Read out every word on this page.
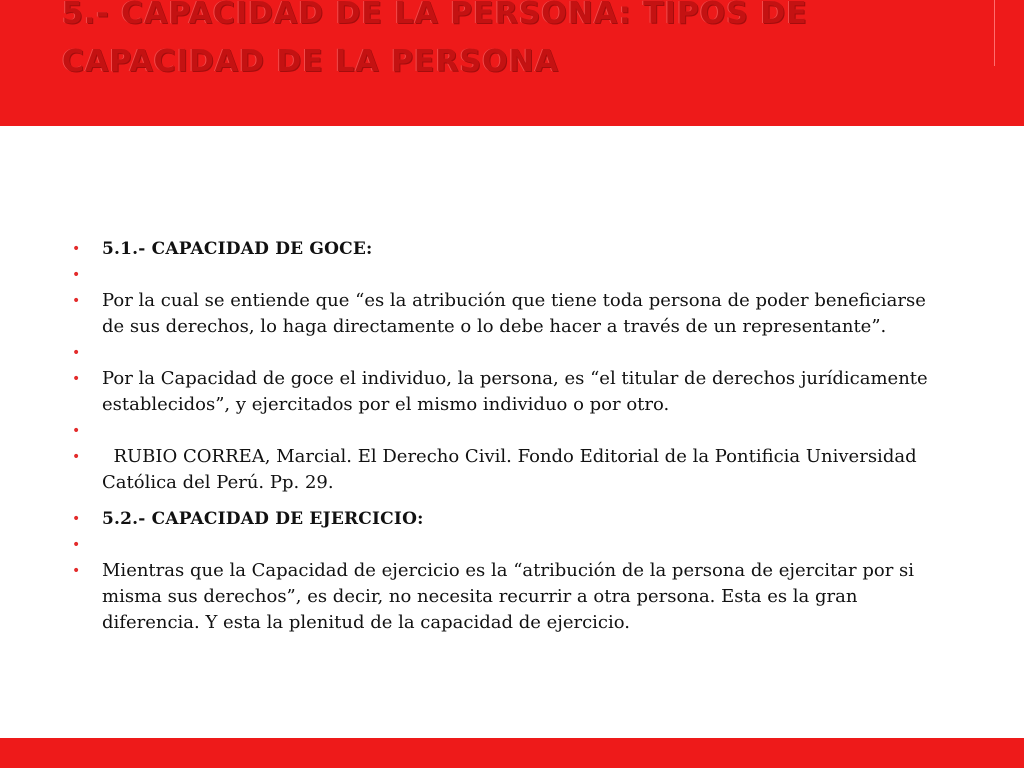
5.- CAPACIDAD DE LA PERSONA: TIPOS DE
CAPACIDAD DE LA PERSONA
• 5.1.- CAPACIDAD DE GOCE:
•
• Por la cual se entiende que “es la atribución que tiene toda persona de poder beneficiarse de sus derechos, lo haga directamente o lo debe hacer a través de un representante”.
•
• Por la Capacidad de goce el individuo, la persona, es “el titular de derechos jurídicamente establecidos”, y ejercitados por el mismo individuo o por otro.
•
• RUBIO CORREA, Marcial. El Derecho Civil. Fondo Editorial de la Pontificia Universidad Católica del Perú. Pp. 29.
• 5.2.- CAPACIDAD DE EJERCICIO:
•
• Mientras que la Capacidad de ejercicio es la “atribución de la persona de ejercitar por si misma sus derechos”, es decir, no necesita recurrir a otra persona. Esta es la gran diferencia. Y esta la plenitud de la capacidad de ejercicio.
